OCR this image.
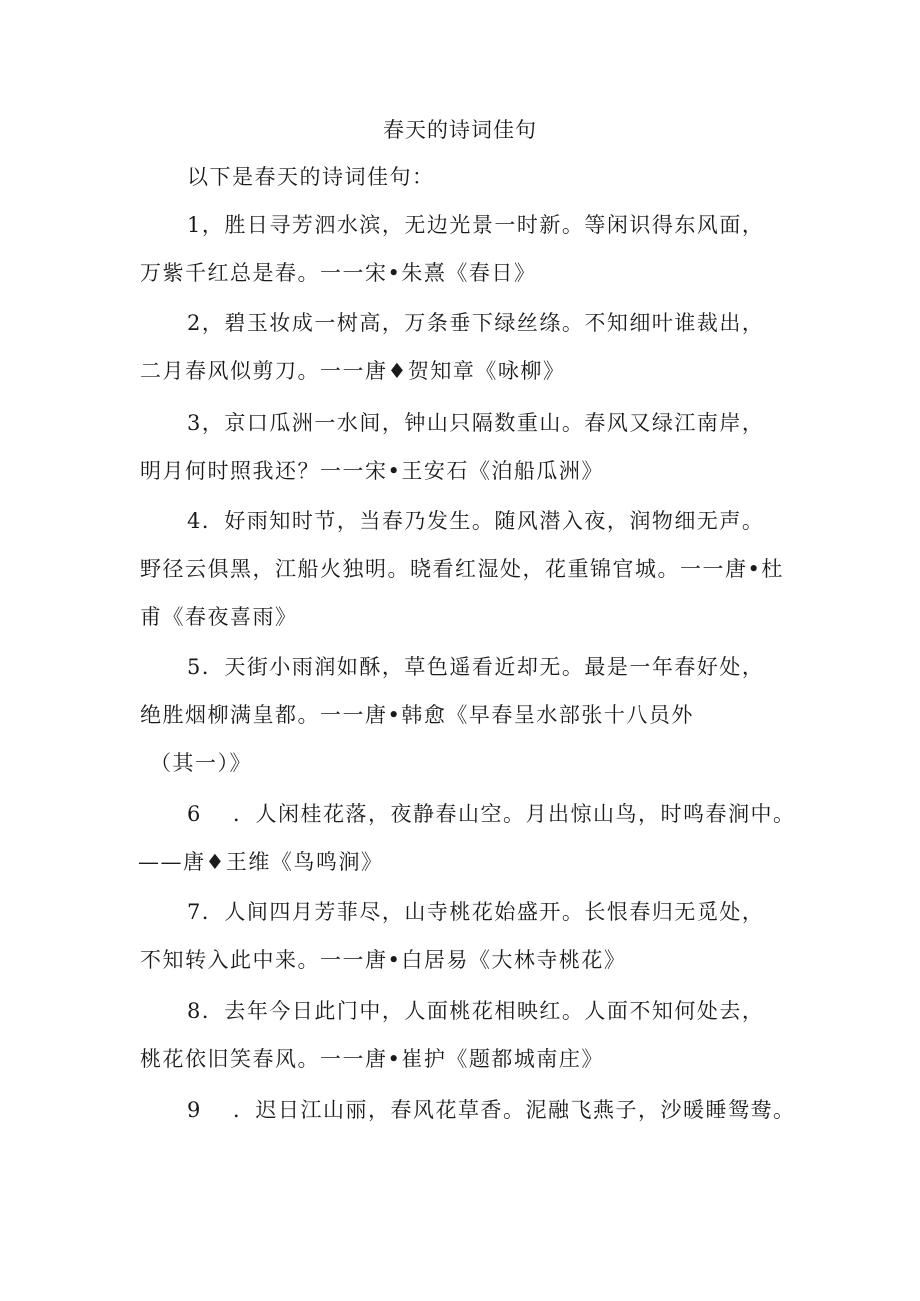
春天的诗词佳句
以下是春天的诗词佳句：
1，胜日寻芳泗水滨，无边光景一时新。等闲识得东风面，
万紫千红总是春。一一宋•朱熹《春日》
2，碧玉妆成一树高，万条垂下绿丝绦。不知细叶谁裁出，
二月春风似剪刀。一一唐♦贺知章《咏柳》
3，京口瓜洲一水间，钟山只隔数重山。春风又绿江南岸，
明月何时照我还？一一宋•王安石《泊船瓜洲》
4．好雨知时节，当春乃发生。随风潜入夜，润物细无声。
野径云俱黑，江船火独明。晓看红湿处，花重锦官城。一一唐•杜
甫《春夜喜雨》
5．天街小雨润如酥，草色遥看近却无。最是一年春好处，
绝胜烟柳满皇都。一一唐•韩愈《早春呈水部张十八员外
（其一）》
6 ．人闲桂花落，夜静春山空。月出惊山鸟，时鸣春涧中。
——唐♦王维《鸟鸣涧》
7．人间四月芳菲尽，山寺桃花始盛开。长恨春归无觅处，
不知转入此中来。一一唐•白居易《大林寺桃花》
8．去年今日此门中，人面桃花相映红。人面不知何处去，
桃花依旧笑春风。一一唐•崔护《题都城南庄》
9 ．迟日江山丽，春风花草香。泥融飞燕子，沙暖睡鸳鸯。
